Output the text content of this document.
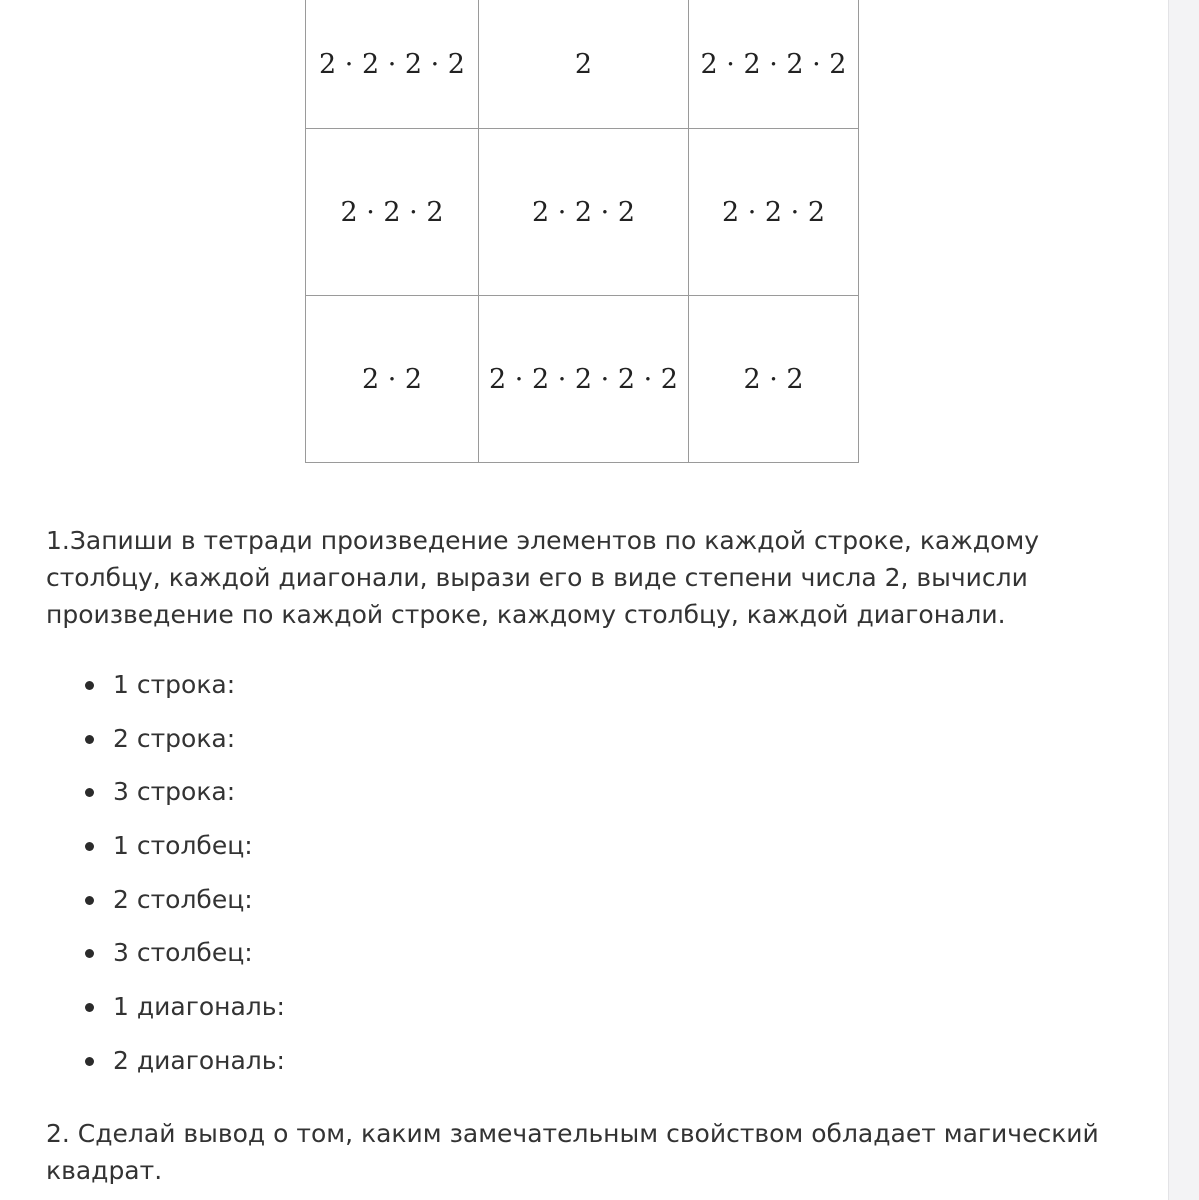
2 · 2 · 2 · 2	2	2 · 2 · 2 · 2
2 · 2 · 2	2 · 2 · 2	2 · 2 · 2
2 · 2	2 · 2 · 2 · 2 · 2	2 · 2

1.Запиши в тетради произведение элементов по каждой строке, каждому столбцу, каждой диагонали, вырази его в виде степени числа 2, вычисли произведение по каждой строке, каждому столбцу, каждой диагонали.

1 строка:
2 строка:
3 строка:
1 столбец:
2 столбец:
3 столбец:
1 диагональ:
2 диагональ:

2. Сделай вывод о том, каким замечательным свойством обладает магический квадрат.
